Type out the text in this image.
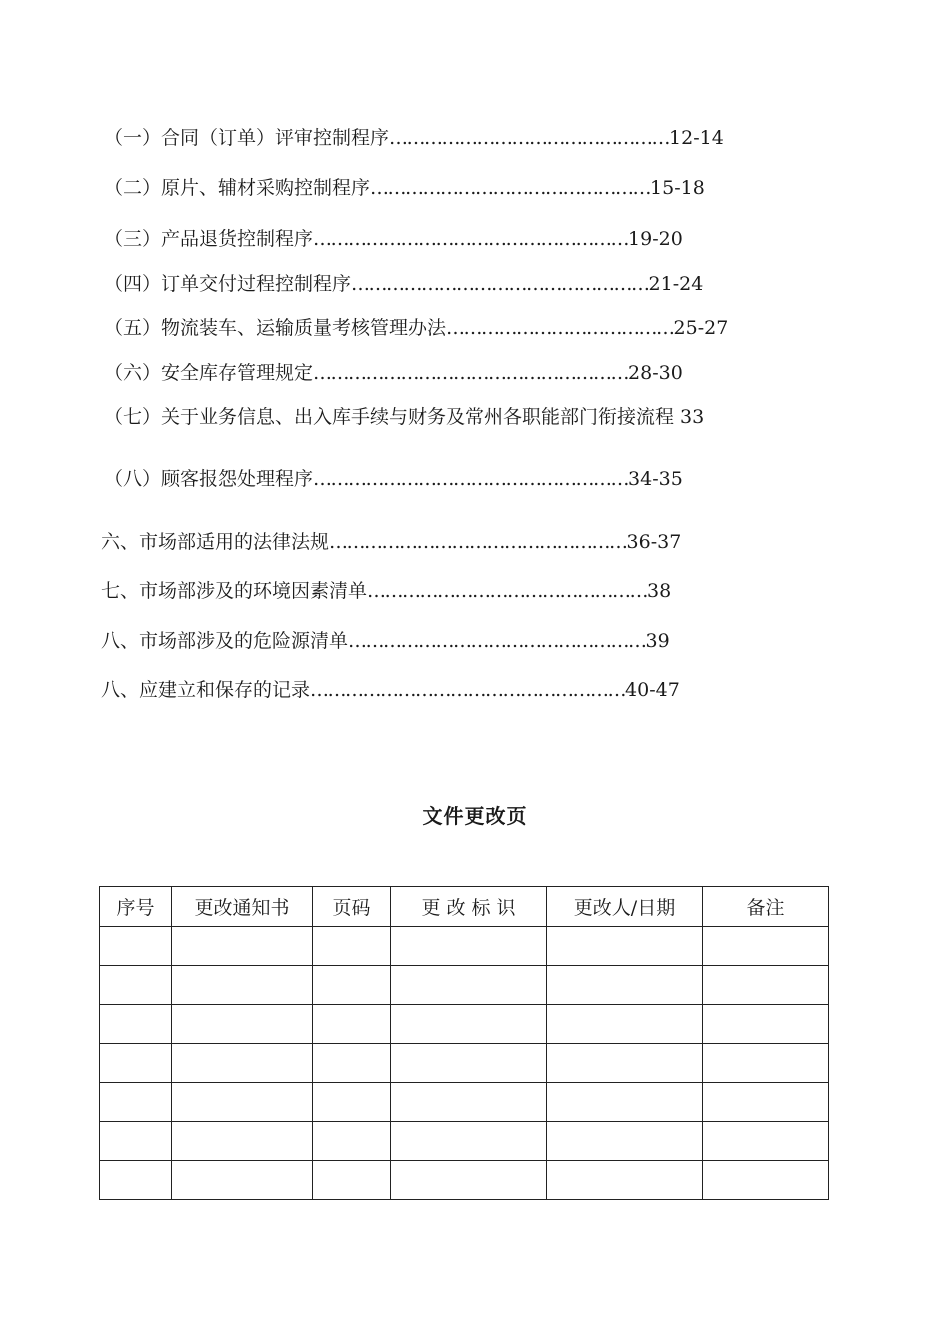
（一）合同（订单）评审控制程序…………………………………………12-14
（二）原片、辅材采购控制程序…………………………………………15-18
（三）产品退货控制程序………………………………………………19-20
（四）订单交付过程控制程序……………………………………………21-24
（五）物流装车、运输质量考核管理办法…………………………………25-27
（六）安全库存管理规定………………………………………………28-30
（七）关于业务信息、出入库手续与财务及常州各职能部门衔接流程 33
（八）顾客报怨处理程序………………………………………………34-35
六、市场部适用的法律法规……………………………………………36-37
七、市场部涉及的环境因素清单…………………………………………38
八、市场部涉及的危险源清单……………………………………………39
八、应建立和保存的记录………………………………………………40-47
文件更改页
序号	更改通知书	页码	更 改 标 识	更改人/日期	备注
